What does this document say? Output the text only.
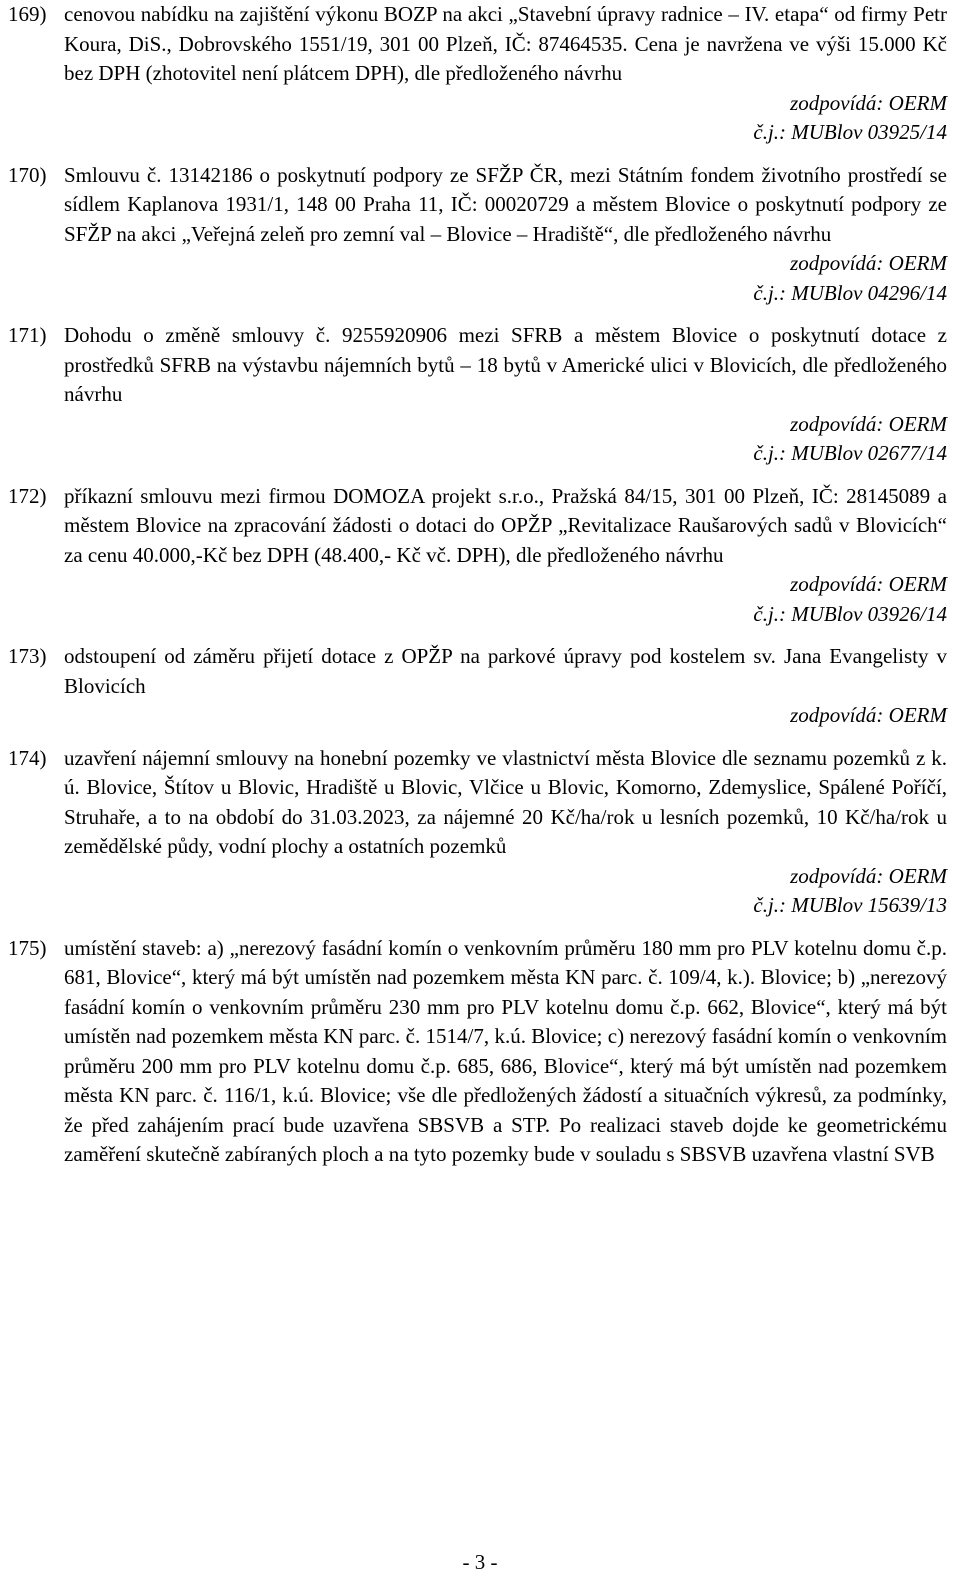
169) cenovou nabídku na zajištění výkonu BOZP na akci „Stavební úpravy radnice – IV. etapa“ od firmy Petr Koura, DiS., Dobrovského 1551/19, 301 00 Plzeň, IČ: 87464535. Cena je navržena ve výši 15.000 Kč bez DPH (zhotovitel není plátcem DPH), dle předloženého návrhu

zodpovídá: OERM

č.j.: MUBlov 03925/14

170) Smlouvu č. 13142186 o poskytnutí podpory ze SFŽP ČR, mezi Státním fondem životního prostředí se sídlem Kaplanova 1931/1, 148 00 Praha 11, IČ: 00020729 a městem Blovice o poskytnutí podpory ze SFŽP na akci „Veřejná zeleň pro zemní val – Blovice – Hradiště“, dle předloženého návrhu

zodpovídá: OERM

č.j.: MUBlov 04296/14

171) Dohodu o změně smlouvy č. 9255920906 mezi SFRB a městem Blovice o poskytnutí dotace z prostředků SFRB na výstavbu nájemních bytů – 18 bytů v Americké ulici v Blovicích, dle předloženého návrhu

zodpovídá: OERM

č.j.: MUBlov 02677/14

172) příkazní smlouvu mezi firmou DOMOZA projekt s.r.o., Pražská 84/15, 301 00 Plzeň, IČ: 28145089 a městem Blovice na zpracování žádosti o dotaci do OPŽP „Revitalizace Raušarových sadů v Blovicích“ za cenu 40.000,-Kč bez DPH (48.400,- Kč vč. DPH), dle předloženého návrhu

zodpovídá: OERM

č.j.: MUBlov 03926/14

173) odstoupení od záměru přijetí dotace z OPŽP na parkové úpravy pod kostelem sv. Jana Evangelisty v Blovicích

zodpovídá: OERM

174) uzavření nájemní smlouvy na honební pozemky ve vlastnictví města Blovice dle seznamu pozemků z k. ú. Blovice, Štítov u Blovic, Hradiště u Blovic, Vlčice u Blovic, Komorno, Zdemyslice, Spálené Poříčí, Struhaře, a to na období do 31.03.2023, za nájemné 20 Kč/ha/rok u lesních pozemků, 10 Kč/ha/rok u zemědělské půdy, vodní plochy a ostatních pozemků

zodpovídá: OERM

č.j.: MUBlov 15639/13

175) umístění staveb: a) „nerezový fasádní komín o venkovním průměru 180 mm pro PLV kotelnu domu č.p. 681, Blovice“, který má být umístěn nad pozemkem města KN parc. č. 109/4, k.). Blovice; b) „nerezový fasádní komín o venkovním průměru 230 mm pro PLV kotelnu domu č.p. 662, Blovice“, který má být umístěn nad pozemkem města KN parc. č. 1514/7, k.ú. Blovice; c) nerezový fasádní komín o venkovním průměru 200 mm pro PLV kotelnu domu č.p. 685, 686, Blovice“, který má být umístěn nad pozemkem města KN parc. č. 116/1, k.ú. Blovice; vše dle předložených žádostí a situačních výkresů, za podmínky, že před zahájením prací bude uzavřena SBSVB a STP. Po realizaci staveb dojde ke geometrickému zaměření skutečně zabíraných ploch a na tyto pozemky bude v souladu s SBSVB uzavřena vlastní SVB

- 3 -
